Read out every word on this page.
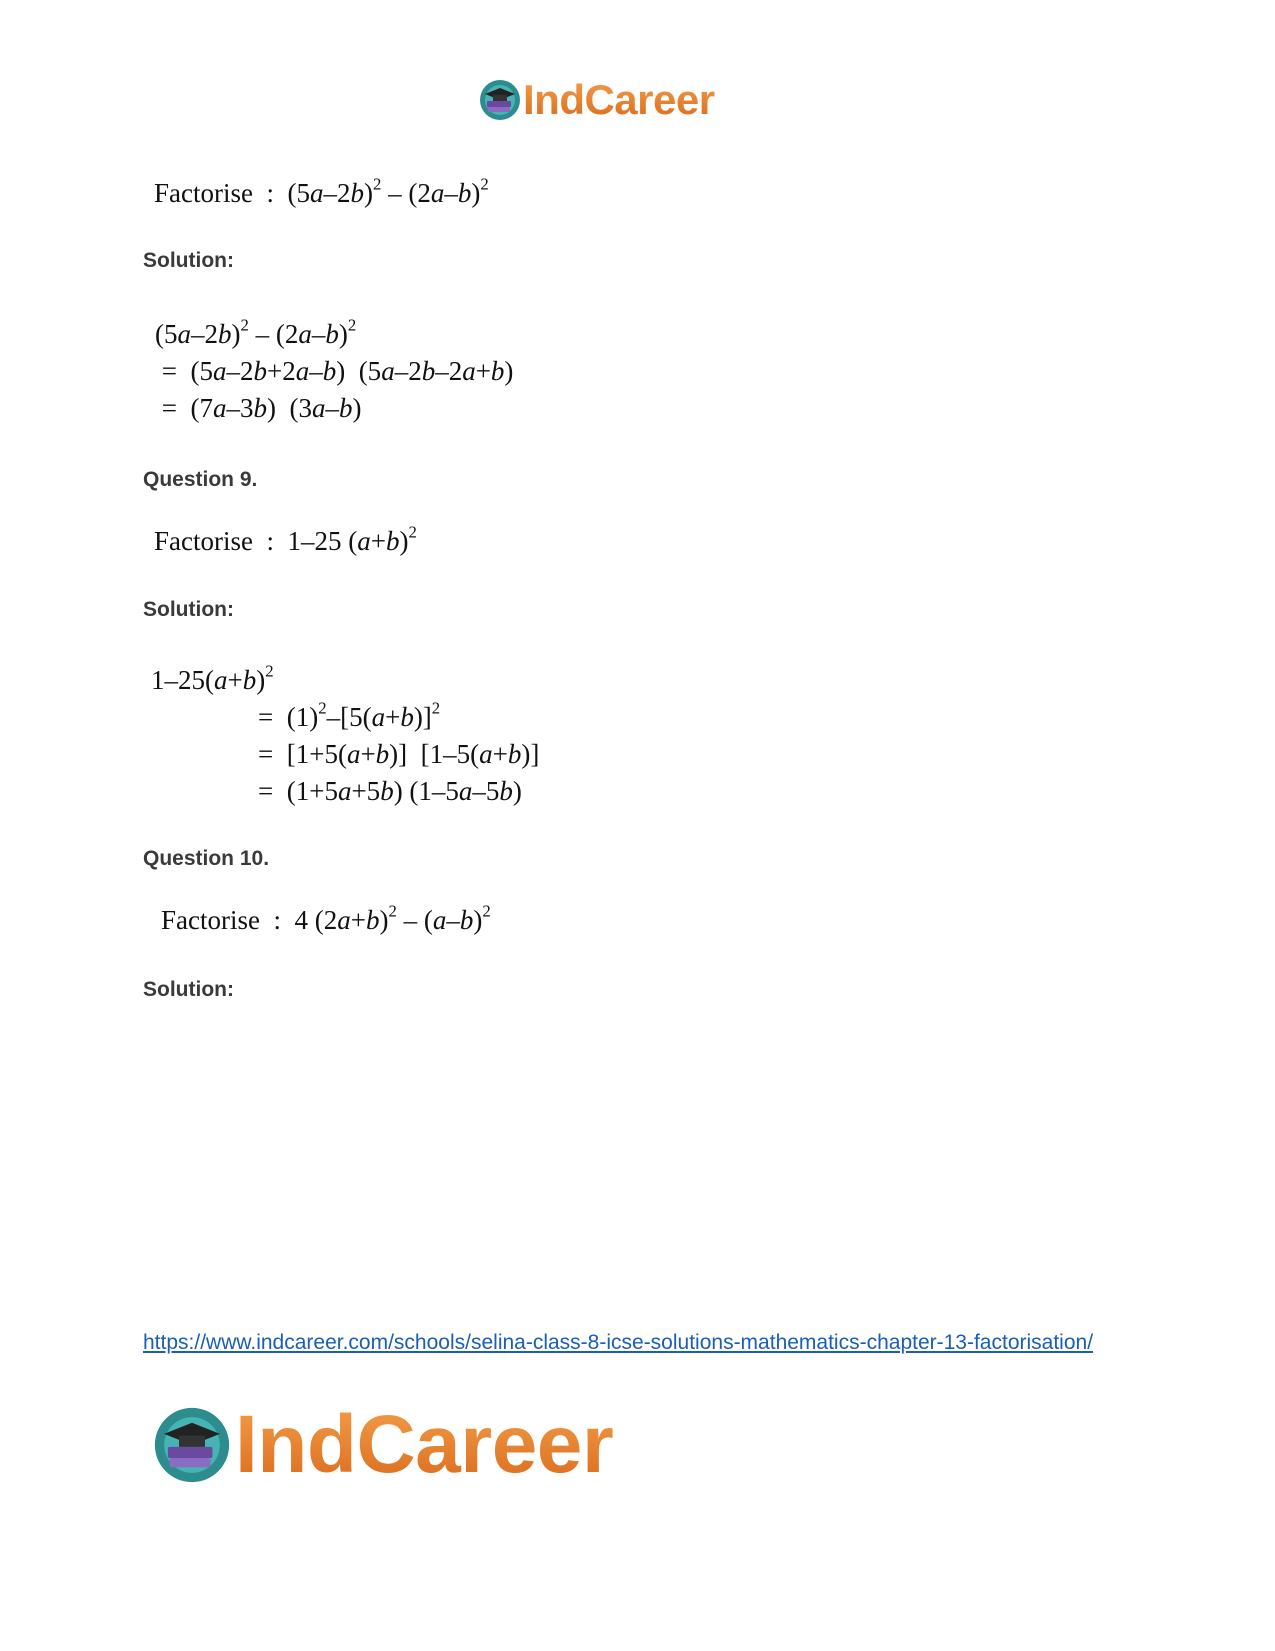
IndCareer
Factorise  :  $(5a-2b)^2 - (2a-b)^2$
Solution:
$(5a-2b)^2 - (2a-b)^2$
=  (5a–2b+2a–b)  (5a–2b–2a+b)
=  (7a–3b)  (3a–b)
Question 9.
Factorise  :  1–25 $(a+b)^2$
Solution:
$1-25(a+b)^2$
=  $(1)^2-[5(a+b)]^2$
=  [1+5(a+b)]  [1–5(a+b)]
=  (1+5a+5b) (1–5a–5b)
Question 10.
Factorise  :  4 $(2a+b)^2 - (a-b)^2$
Solution:
https://www.indcareer.com/schools/selina-class-8-icse-solutions-mathematics-chapter-13-factorisation/
IndCareer
